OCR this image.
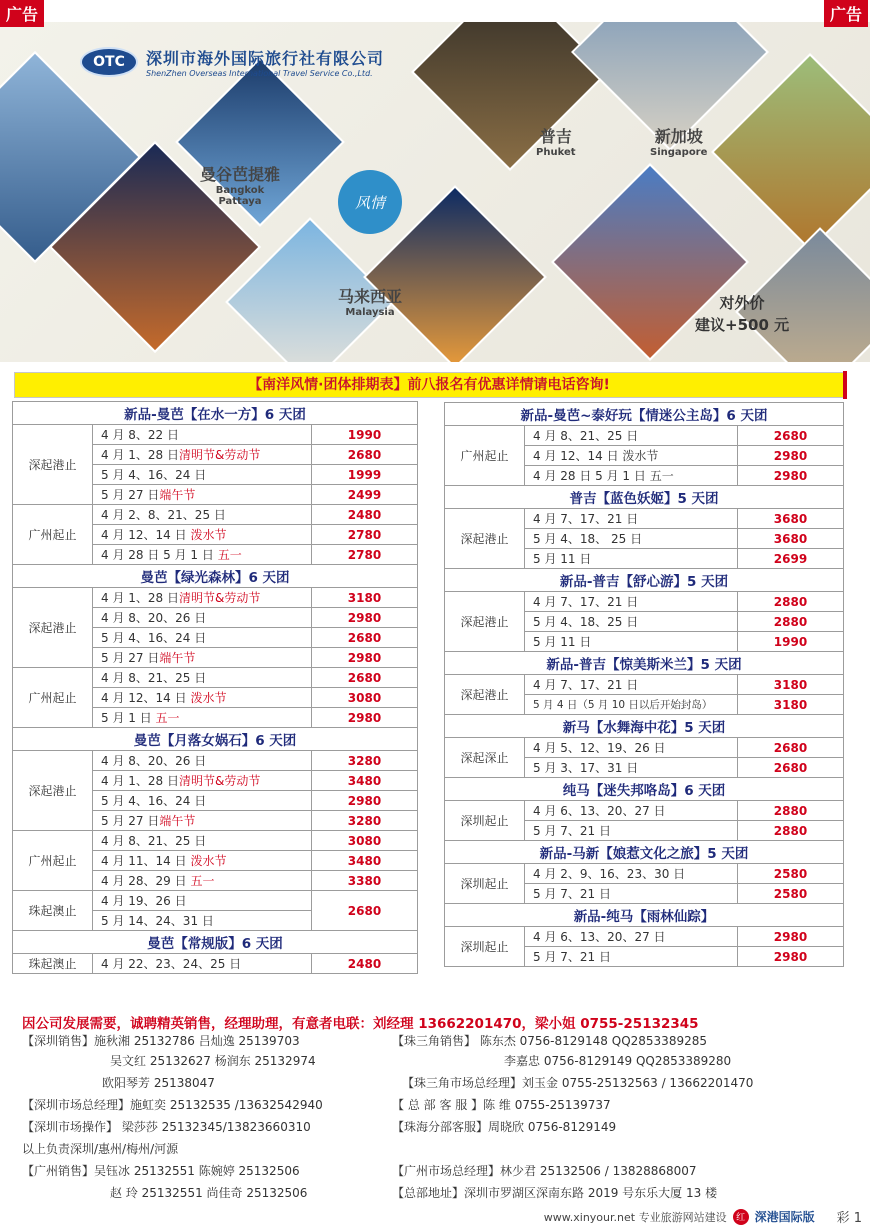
广告	广告
OTC	深圳市海外国际旅行社有限公司
ShenZhen Overseas International Travel Service Co.,Ltd.
风情
曼谷芭提雅
Bangkok Pattaya
马来西亚
Malaysia
普吉
Phuket
新加坡
Singapore
对外价
建议+500 元
【南洋风情·团体排期表】前八报名有优惠详情请电话咨询!
新品-曼芭【在水一方】6 天团		
深起港止	4 月 8、22 日	1990
	4 月 1、28 日清明节&劳动节	2680
	5 月 4、16、24 日	1999
	5 月 27 日端午节	2499
广州起止	4 月 2、8、21、25 日	2480
	4 月 12、14 日 泼水节	2780
	4 月 28 日 5 月 1 日 五一	2780
曼芭【绿光森林】6 天团		
深起港止	4 月 1、28 日清明节&劳动节	3180
	4 月 8、20、26 日	2980
	5 月 4、16、24 日	2680
	5 月 27 日端午节	2980
广州起止	4 月 8、21、25 日	2680
	4 月 12、14 日 泼水节	3080
	5 月 1 日 五一	2980
曼芭【月落女娲石】6 天团		
深起港止	4 月 8、20、26 日	3280
	4 月 1、28 日清明节&劳动节	3480
	5 月 4、16、24 日	2980
	5 月 27 日端午节	3280
广州起止	4 月 8、21、25 日	3080
	4 月 11、14 日 泼水节	3480
	4 月 28、29 日 五一	3380
珠起澳止	4 月 19、26 日	2680
	5 月 14、24、31 日	
曼芭【常规版】6 天团		
珠起澳止	4 月 22、23、24、25 日	2480
新品-曼芭~泰好玩【情迷公主岛】6 天团		
广州起止	4 月 8、21、25 日	2680
	4 月 12、14 日 泼水节	2980
	4 月 28 日 5 月 1 日 五一	2980
普吉【蓝色妖姬】5 天团		
深起港止	4 月 7、17、21 日	3680
	5 月 4、18、 25 日	3680
	5 月 11 日	2699
新品-普吉【舒心游】5 天团		
深起港止	4 月 7、17、21 日	2880
	5 月 4、18、25 日	2880
	5 月 11 日	1990
新品-普吉【惊美斯米兰】5 天团		
深起港止	4 月 7、17、21 日	3180
	5 月 4 日（5 月 10 日以后开始封岛）	3180
新马【水舞海中花】5 天团		
深起深止	4 月 5、12、19、26 日	2680
	5 月 3、17、31 日	2680
纯马【迷失邦咯岛】6 天团		
深圳起止	4 月 6、13、20、27 日	2880
	5 月 7、21 日	2880
新品-马新【娘惹文化之旅】5 天团		
深圳起止	4 月 2、9、16、23、30 日	2580
	5 月 7、21 日	2580
新品-纯马【雨林仙踪】		
深圳起止	4 月 6、13、20、27 日	2980
	5 月 7、21 日	2980
因公司发展需要，诚聘精英销售，经理助理，有意者电联：刘经理 13662201470，梁小姐 0755-25132345
【深圳销售】施秋湘 25132786 吕灿逸 25139703
吴文红 25132627 杨润东 25132974
欧阳琴芳 25138047
【深圳市场总经理】施虹奕 25132535 /13632542940
【深圳市场操作】 梁莎莎 25132345/13823660310
以上负责深圳/惠州/梅州/河源
【广州销售】吴钰冰 25132551 陈婉婷 25132506
赵 玲 25132551 尚佳奇 25132506
【珠三角销售】 陈东杰 0756-8129148 QQ2853389285
李嘉忠 0756-8129149 QQ2853389280
【珠三角市场总经理】刘玉金 0755-25132563 / 13662201470
【 总 部 客 服 】陈 维 0755-25139737
【珠海分部客服】周晓欣 0756-8129149
【广州市场总经理】林少君 25132506 / 13828868007
【总部地址】深圳市罗湖区深南东路 2019 号东乐大厦 13 楼
www.xinyour.net 专业旅游网站建设	红 深港国际版 彩 1
